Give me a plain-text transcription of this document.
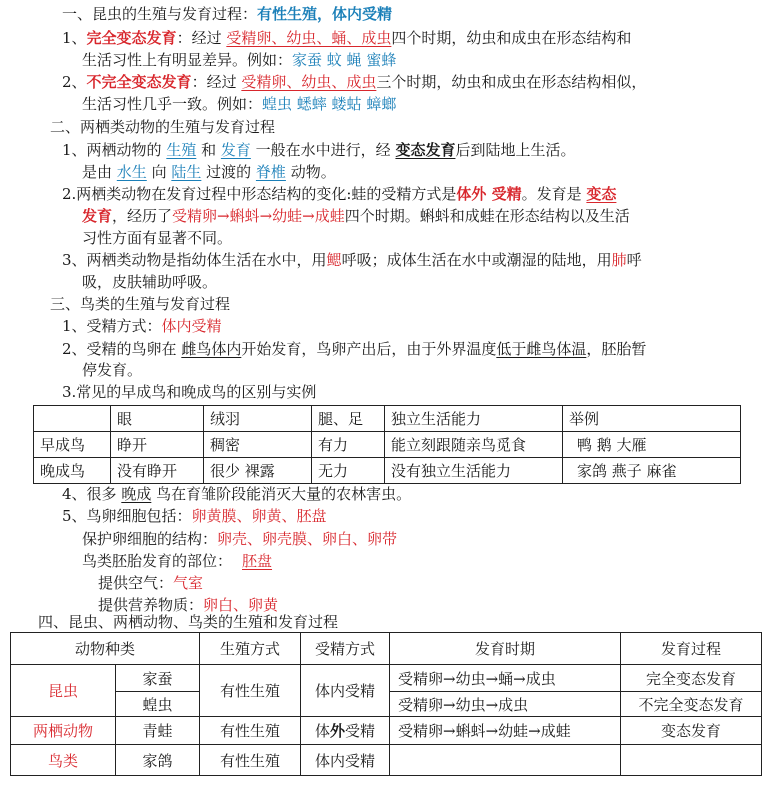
一、昆虫的生殖与发育过程：有性生殖，体内受精
1、完全变态发育：经过 受精卵、幼虫、蛹、成虫四个时期，幼虫和成虫在形态结构和
生活习性上有明显差异。例如：家蚕 蚊 蝇 蜜蜂
2、不完全变态发育：经过 受精卵、幼虫、成虫三个时期，幼虫和成虫在形态结构相似，
生活习性几乎一致。例如：蝗虫 蟋蟀 蝼蛄 蟑螂
二、两栖类动物的生殖与发育过程
1、两栖动物的 生殖 和 发育 一般在水中进行，经 变态发育后到陆地上生活。
是由 水生 向 陆生 过渡的 脊椎 动物。
2.两栖类动物在发育过程中形态结构的变化:蛙的受精方式是体外 受精。发育是 变态
发育，经历了受精卵→蝌蚪→幼蛙→成蛙四个时期。蝌蚪和成蛙在形态结构以及生活
习性方面有显著不同。
3、两栖类动物是指幼体生活在水中，用鳃呼吸；成体生活在水中或潮湿的陆地，用肺呼
吸，皮肤辅助呼吸。
三、鸟类的生殖与发育过程
1、受精方式：体内受精
2、受精的鸟卵在 雌鸟体内开始发育，鸟卵产出后，由于外界温度低于雌鸟体温，胚胎暂
停发育。
3.常见的早成鸟和晚成鸟的区别与实例
	眼	绒羽	腿、足	独立生活能力	举例
早成鸟	睁开	稠密	有力	能立刻跟随亲鸟觅食	鸭 鹅 大雁
晚成鸟	没有睁开	很少 裸露	无力	没有独立生活能力	家鸽 燕子 麻雀
4、很多 晚成 鸟在育雏阶段能消灭大量的农林害虫。
5、鸟卵细胞包括：卵黄膜、卵黄、胚盘
保护卵细胞的结构：卵壳、卵壳膜、卵白、卵带
鸟类胚胎发育的部位： 胚盘
提供空气：气室
提供营养物质：卵白、卵黄
四、昆虫、两栖动物、鸟类的生殖和发育过程
动物种类		生殖方式	受精方式	发育时期	发育过程
昆虫	家蚕	有性生殖	体内受精	受精卵→幼虫→蛹→成虫	完全变态发育
	蝗虫			受精卵→幼虫→成虫	不完全变态发育
两栖动物	青蛙	有性生殖	体外受精	受精卵→蝌蚪→幼蛙→成蛙	变态发育
鸟类	家鸽	有性生殖	体内受精		
